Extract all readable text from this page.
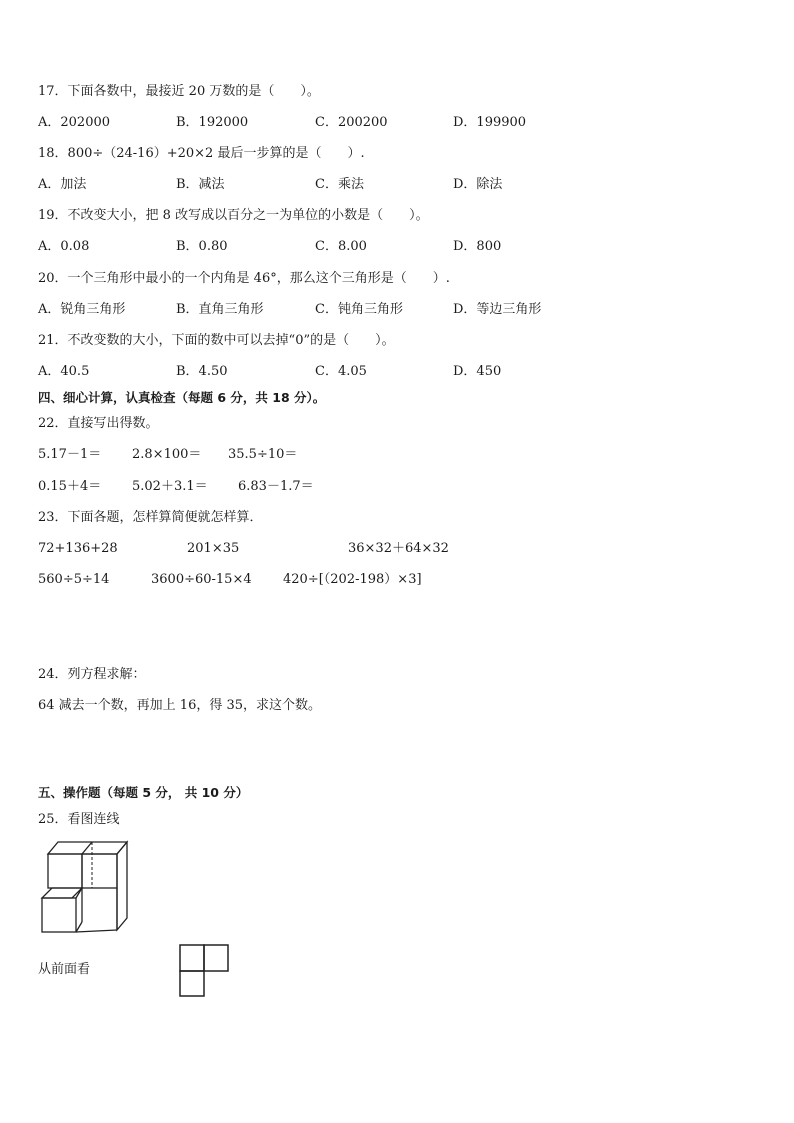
17．下面各数中，最接近 20 万数的是（　　）。
A．202000	B．192000	C．200200	D．199900
18．800÷（24-16）+20×2 最后一步算的是（　　）.
A．加法	B．减法	C．乘法	D．除法
19．不改变大小，把 8 改写成以百分之一为单位的小数是（　　）。
A．0.08	B．0.80	C．8.00	D．800
20．一个三角形中最小的一个内角是 46°，那么这个三角形是（　　）.
A．锐角三角形	B．直角三角形	C．钝角三角形	D．等边三角形
21．不改变数的大小，下面的数中可以去掉“0”的是（　　）。
A．40.5	B．4.50	C．4.05	D．450
四、细心计算，认真检查（每题 6 分，共 18 分）。
22．直接写出得数。
5.17－1＝ 2.8×100＝ 35.5÷10＝
0.15＋4＝ 5.02＋3.1＝ 6.83－1.7＝
23．下面各题，怎样算简便就怎样算．
72+136+28	201×35	36×32＋64×32
560÷5÷14	3600÷60-15×4 420÷[（202-198）×3]
24．列方程求解：
64 减去一个数，再加上 16，得 35，求这个数。
五、操作题（每题 5 分， 共 10 分）
25．看图连线
从前面看
